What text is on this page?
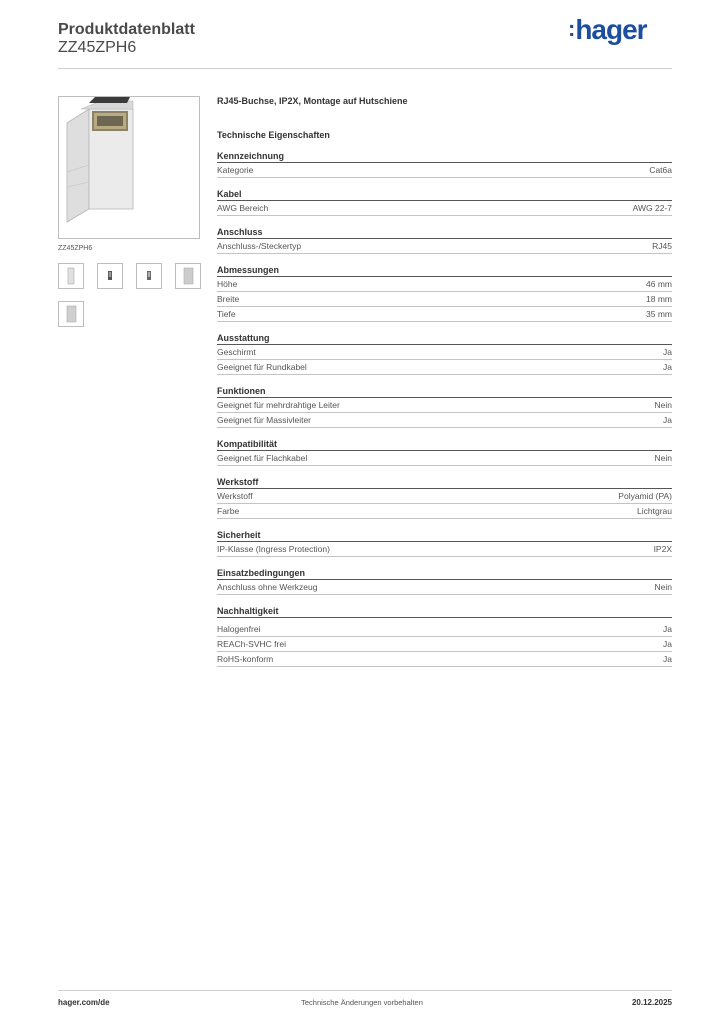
Produktdatenblatt
ZZ45ZPH6
:hager
ZZ45ZPH6
RJ45-Buchse, IP2X, Montage auf Hutschiene
Technische Eigenschaften
Kennzeichnung
Kategorie	Cat6a
Kabel
AWG Bereich	AWG 22-7
Anschluss
Anschluss-/Steckertyp	RJ45
Abmessungen
Höhe	46 mm
Breite	18 mm
Tiefe	35 mm
Ausstattung
Geschirmt	Ja
Geeignet für Rundkabel	Ja
Funktionen
Geeignet für mehrdrahtige Leiter	Nein
Geeignet für Massivleiter	Ja
Kompatibilität
Geeignet für Flachkabel	Nein
Werkstoff
Werkstoff	Polyamid (PA)
Farbe	Lichtgrau
Sicherheit
IP-Klasse (Ingress Protection)	IP2X
Einsatzbedingungen
Anschluss ohne Werkzeug	Nein
Nachhaltigkeit
Halogenfrei	Ja
REACh-SVHC frei	Ja
RoHS-konform	Ja
hager.com/de	Technische Änderungen vorbehalten	20.12.2025
